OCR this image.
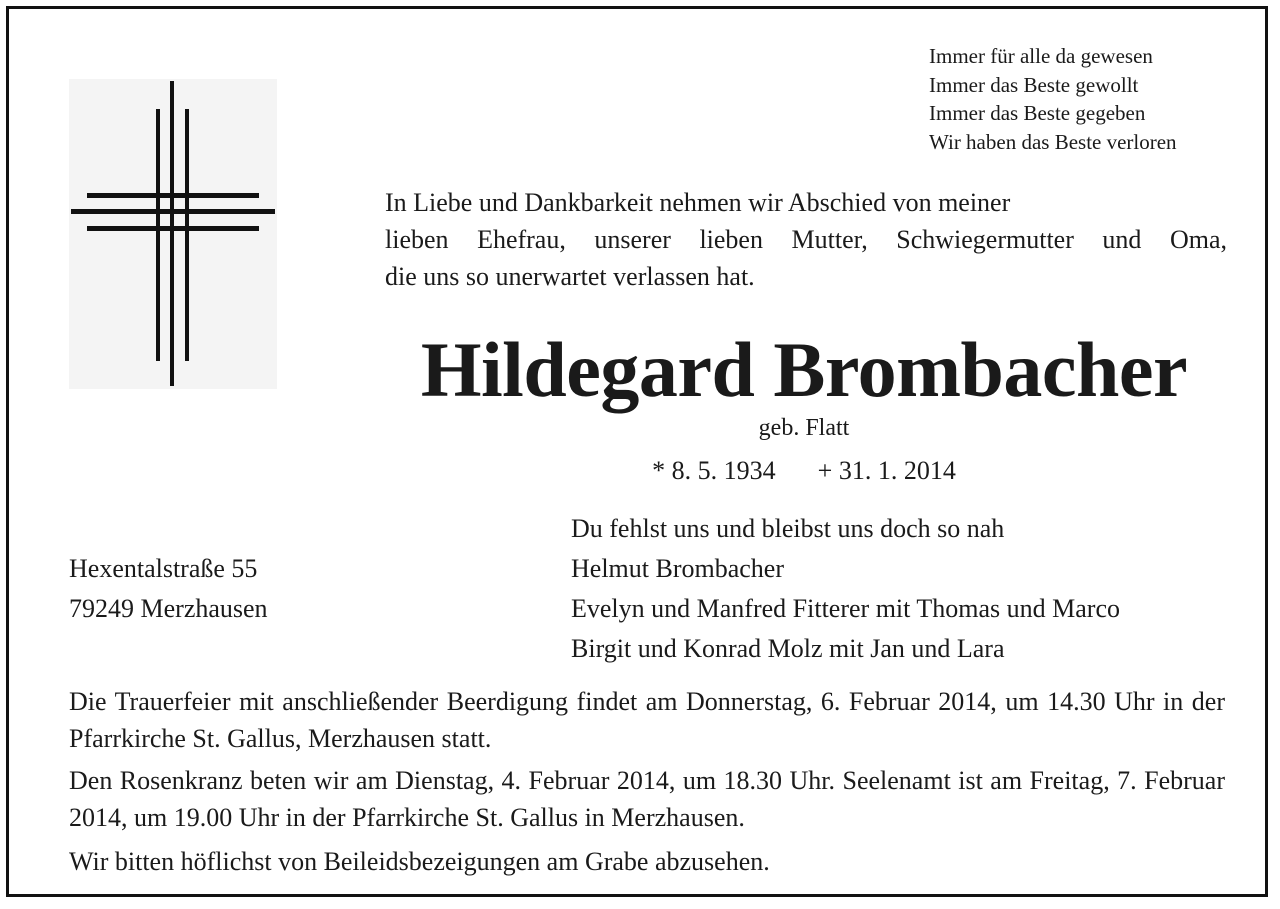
Immer für alle da gewesen
Immer das Beste gewollt
Immer das Beste gegeben
Wir haben das Beste verloren
In Liebe und Dankbarkeit nehmen wir Abschied von meiner
lieben Ehefrau, unserer lieben Mutter, Schwiegermutter und Oma,
die uns so unerwartet verlassen hat.
Hildegard Brombacher
geb. Flatt
* 8. 5. 1934 + 31. 1. 2014
Du fehlst uns und bleibst uns doch so nah
Helmut Brombacher
Evelyn und Manfred Fitterer mit Thomas und Marco
Birgit und Konrad Molz mit Jan und Lara
Hexentalstraße 55
79249 Merzhausen
Die Trauerfeier mit anschließender Beerdigung findet am Donnerstag, 6. Februar 2014, um 14.30 Uhr in der Pfarrkirche St. Gallus, Merzhausen statt.
Den Rosenkranz beten wir am Dienstag, 4. Februar 2014, um 18.30 Uhr. Seelenamt ist am Freitag, 7. Februar 2014, um 19.00 Uhr in der Pfarrkirche St. Gallus in Merzhausen.
Wir bitten höflichst von Beileidsbezeigungen am Grabe abzusehen.
